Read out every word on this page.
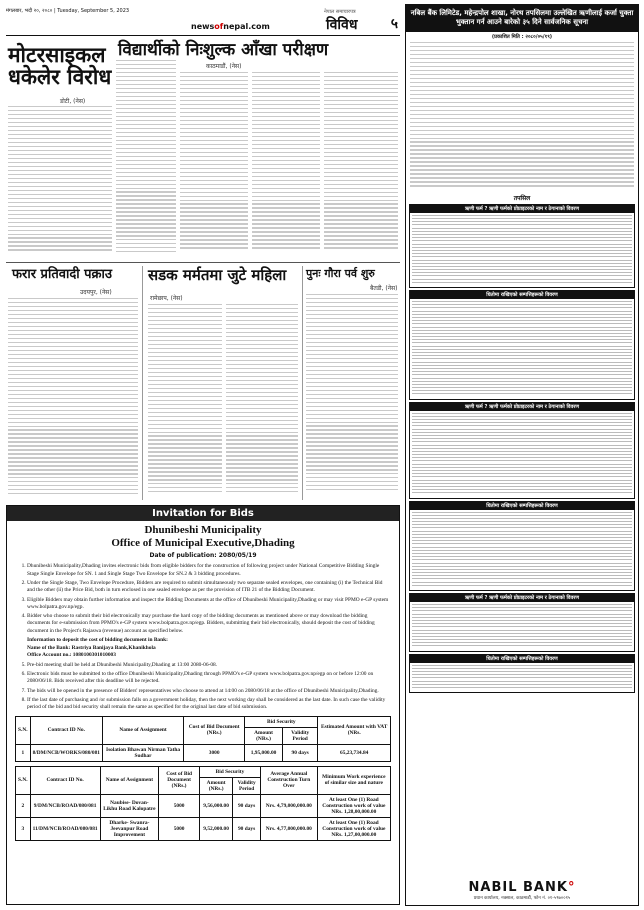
मंगलबार, भदौ २०, २०८० | Tuesday, September 5, 2023
newsofnepal.com
नेपाल समाचारपत्र
विविध ५
मोटरसाइकल धकेलेर विरोध
डोटी, (नेस)
विद्यार्थीको निःशुल्क आँखा परीक्षण
काठमाडौं, (नेस)
फरार प्रतिवादी पक्राउ
उदयपुर, (नेस)
सडक मर्मतमा जुटे महिला
रामेछाप, (नेस)
पुनः गौरा पर्व शुरु
बैतडी, (नेस)
Invitation for Bids
Dhunibeshi Municipality
Office of Municipal Executive,Dhading
Date of publication: 2080/05/19
1. Dhunibeshi Municipality,Dhading invites electronic bids from eligible bidders for the construction of following project under National Competitive Bidding Single Stage Single Envelope for SN. 1 and Single Stage Two Envelope for SN.2 & 3 bidding procedures.
2. Under the Single Stage, Two Envelope Procedure, Bidders are required to submit simultaneously two separate sealed envelopes, one containing (i) the Technical Bid and the other (ii) the Price Bid, both in turn enclosed in one sealed envelope as per the provision of ITB 21 of the Bidding Document.
3. Eligible Bidders may obtain further information and inspect the Bidding Documents at the office of Dhunibeshi Municipality,Dhading or may visit PPMO e-GP system www.bolpatra.gov.np/egp.
4. Bidder who choose to submit their bid electronically may purchase the hard copy of the bidding documents as mentioned above or may download the bidding documents for e-submission from PPMO's e-GP system www.bolpatra.gov.np/egp. Bidders, submitting their bid electronically, should deposit the cost of bidding document in the Project's Rajaswa (revenue) account as specified below.
Information to deposit the cost of bidding document in Bank:
Name of the Bank: Rastriya Banijaya Bank,Khanikhola
Office Account no.: 1080100301010003
5. Pre-bid meeting shall be held at Dhunibeshi Municipality,Dhading at 13:00 2080-06-08.
6. Electronic bids must be submitted to the office Dhunibeshi Municipality,Dhading through PPMO's e-GP system www.bolpatra.gov.np/egp on or before 12:00 on 2080/06/18. Bids received after this deadline will be rejected.
7. The bids will be opened in the presence of Bidders' representatives who choose to attend at 14:00 on 2080/06/18 at the office of Dhunibeshi Municipality,Dhading.
8. If the last date of purchasing and /or submission falls on a government holiday, then the next working day shall be considered as the last date. In such case the validity period of the bid and bid security shall remain the same as specified for the original last date of bid submission.
S.N.	Contract ID No.	Name of Assignment	Cost of Bid Document (NRs.)	Bid Security		Estimated Amount with VAT (NRs.
				Amount (NRs.)	Validity Period	
1	8/DM/NCB/WORKS/080/081	Isolation Bhawan Nirman Tatha Sudhar	3000	1,95,000.00	90 days	65,23,734.84
S.N.	Contract ID No.	Name of Assignment	Cost of Bid Document (NRs.)	Bid Security		Average Annual Construction Turn Over	Minimum Work experience of similar size and nature
				Amount (NRs.)	Validity Period		
2	9/DM/NCB/ROAD/080/081	Naubise- Dovan- Likhu Road Kalopatre	5000	9,56,000.00	90 days	Nrs. 4,79,000,000.00	At least One (1) Road Construction work of value NRs. 1,28,00,000.00
3	11/DM/NCB/ROAD/080/081	Dharke- Swanra-Jeevanpur Road Improvement	5000	9,52,000.00	90 days	Nrs. 4,77,000,000.00	At least One (1) Road Construction work of value NRs. 1,27,00,000.00
नबिल बैंक लिमिटेड, महेन्द्रपोल शाखा, नोरथ तपसिलमा उल्लेखित ऋणीलाई कर्जा चुक्ता भुक्तान गर्न आउने बारेको ३५ दिने सार्वजनिक सूचना
(प्रकाशित मिति : २०८०/०५/१९)
तपसिल
ऋणी फर्म ? ऋणी फर्मको प्रोप्राइटरको नाम र ठेगानाको विवरण
धितोमा राखिएको सम्पत्तिहरूको विवरण
ऋणी फर्म ? ऋणी फर्मको प्रोप्राइटरको नाम र ठेगानाको विवरण
धितोमा राखिएको सम्पत्तिहरूको विवरण
ऋणी फर्म ? ऋणी फर्मको प्रोप्राइटरको नाम र ठेगानाको विवरण
धितोमा राखिएको सम्पत्तिहरूको विवरण
NABIL BANK°
प्रधान कार्यालय, नक्साल, काठमाडौं, फोन नं. ०१-५९७००१५
